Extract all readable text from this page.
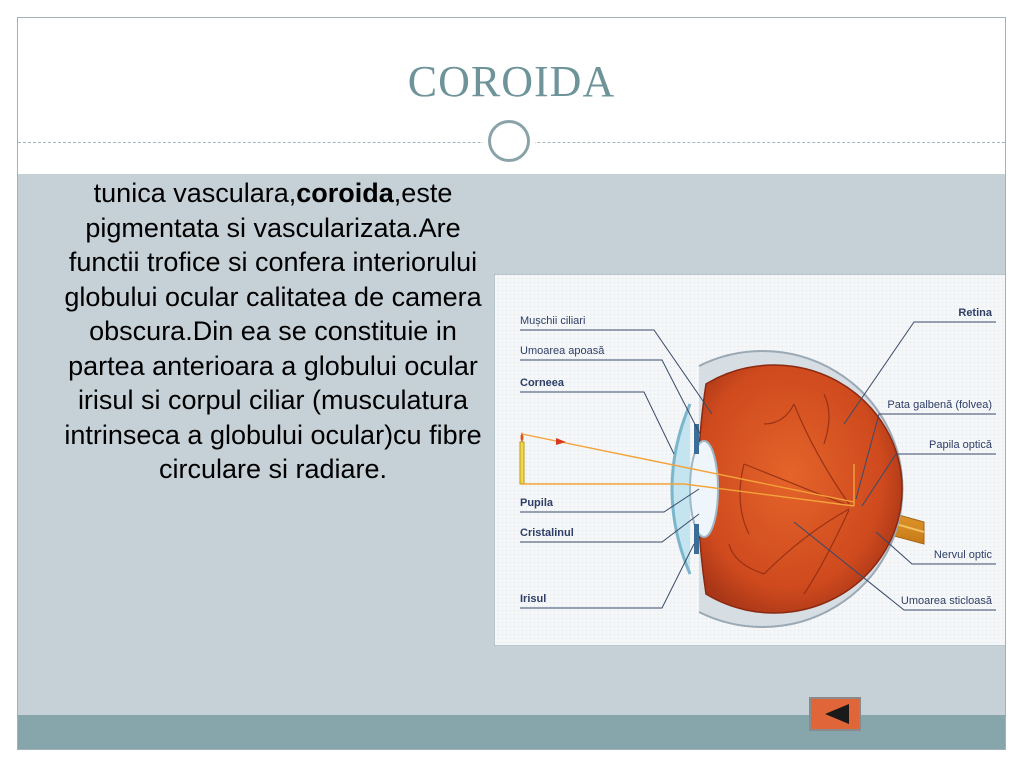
COROIDA
tunica vasculara,coroida,este pigmentata si vascularizata.Are functii trofice si confera interiorului globului ocular calitatea de camera obscura.Din ea se constituie in partea anterioara a globului ocular irisul si corpul ciliar (musculatura intrinseca a globului ocular)cu fibre circulare si radiare.
Mușchii ciliari
Umoarea apoasă
Corneea
Pupila
Cristalinul
Irisul
Retina
Pata galbenă (folvea)
Papila optică
Nervul optic
Umoarea sticloasă
